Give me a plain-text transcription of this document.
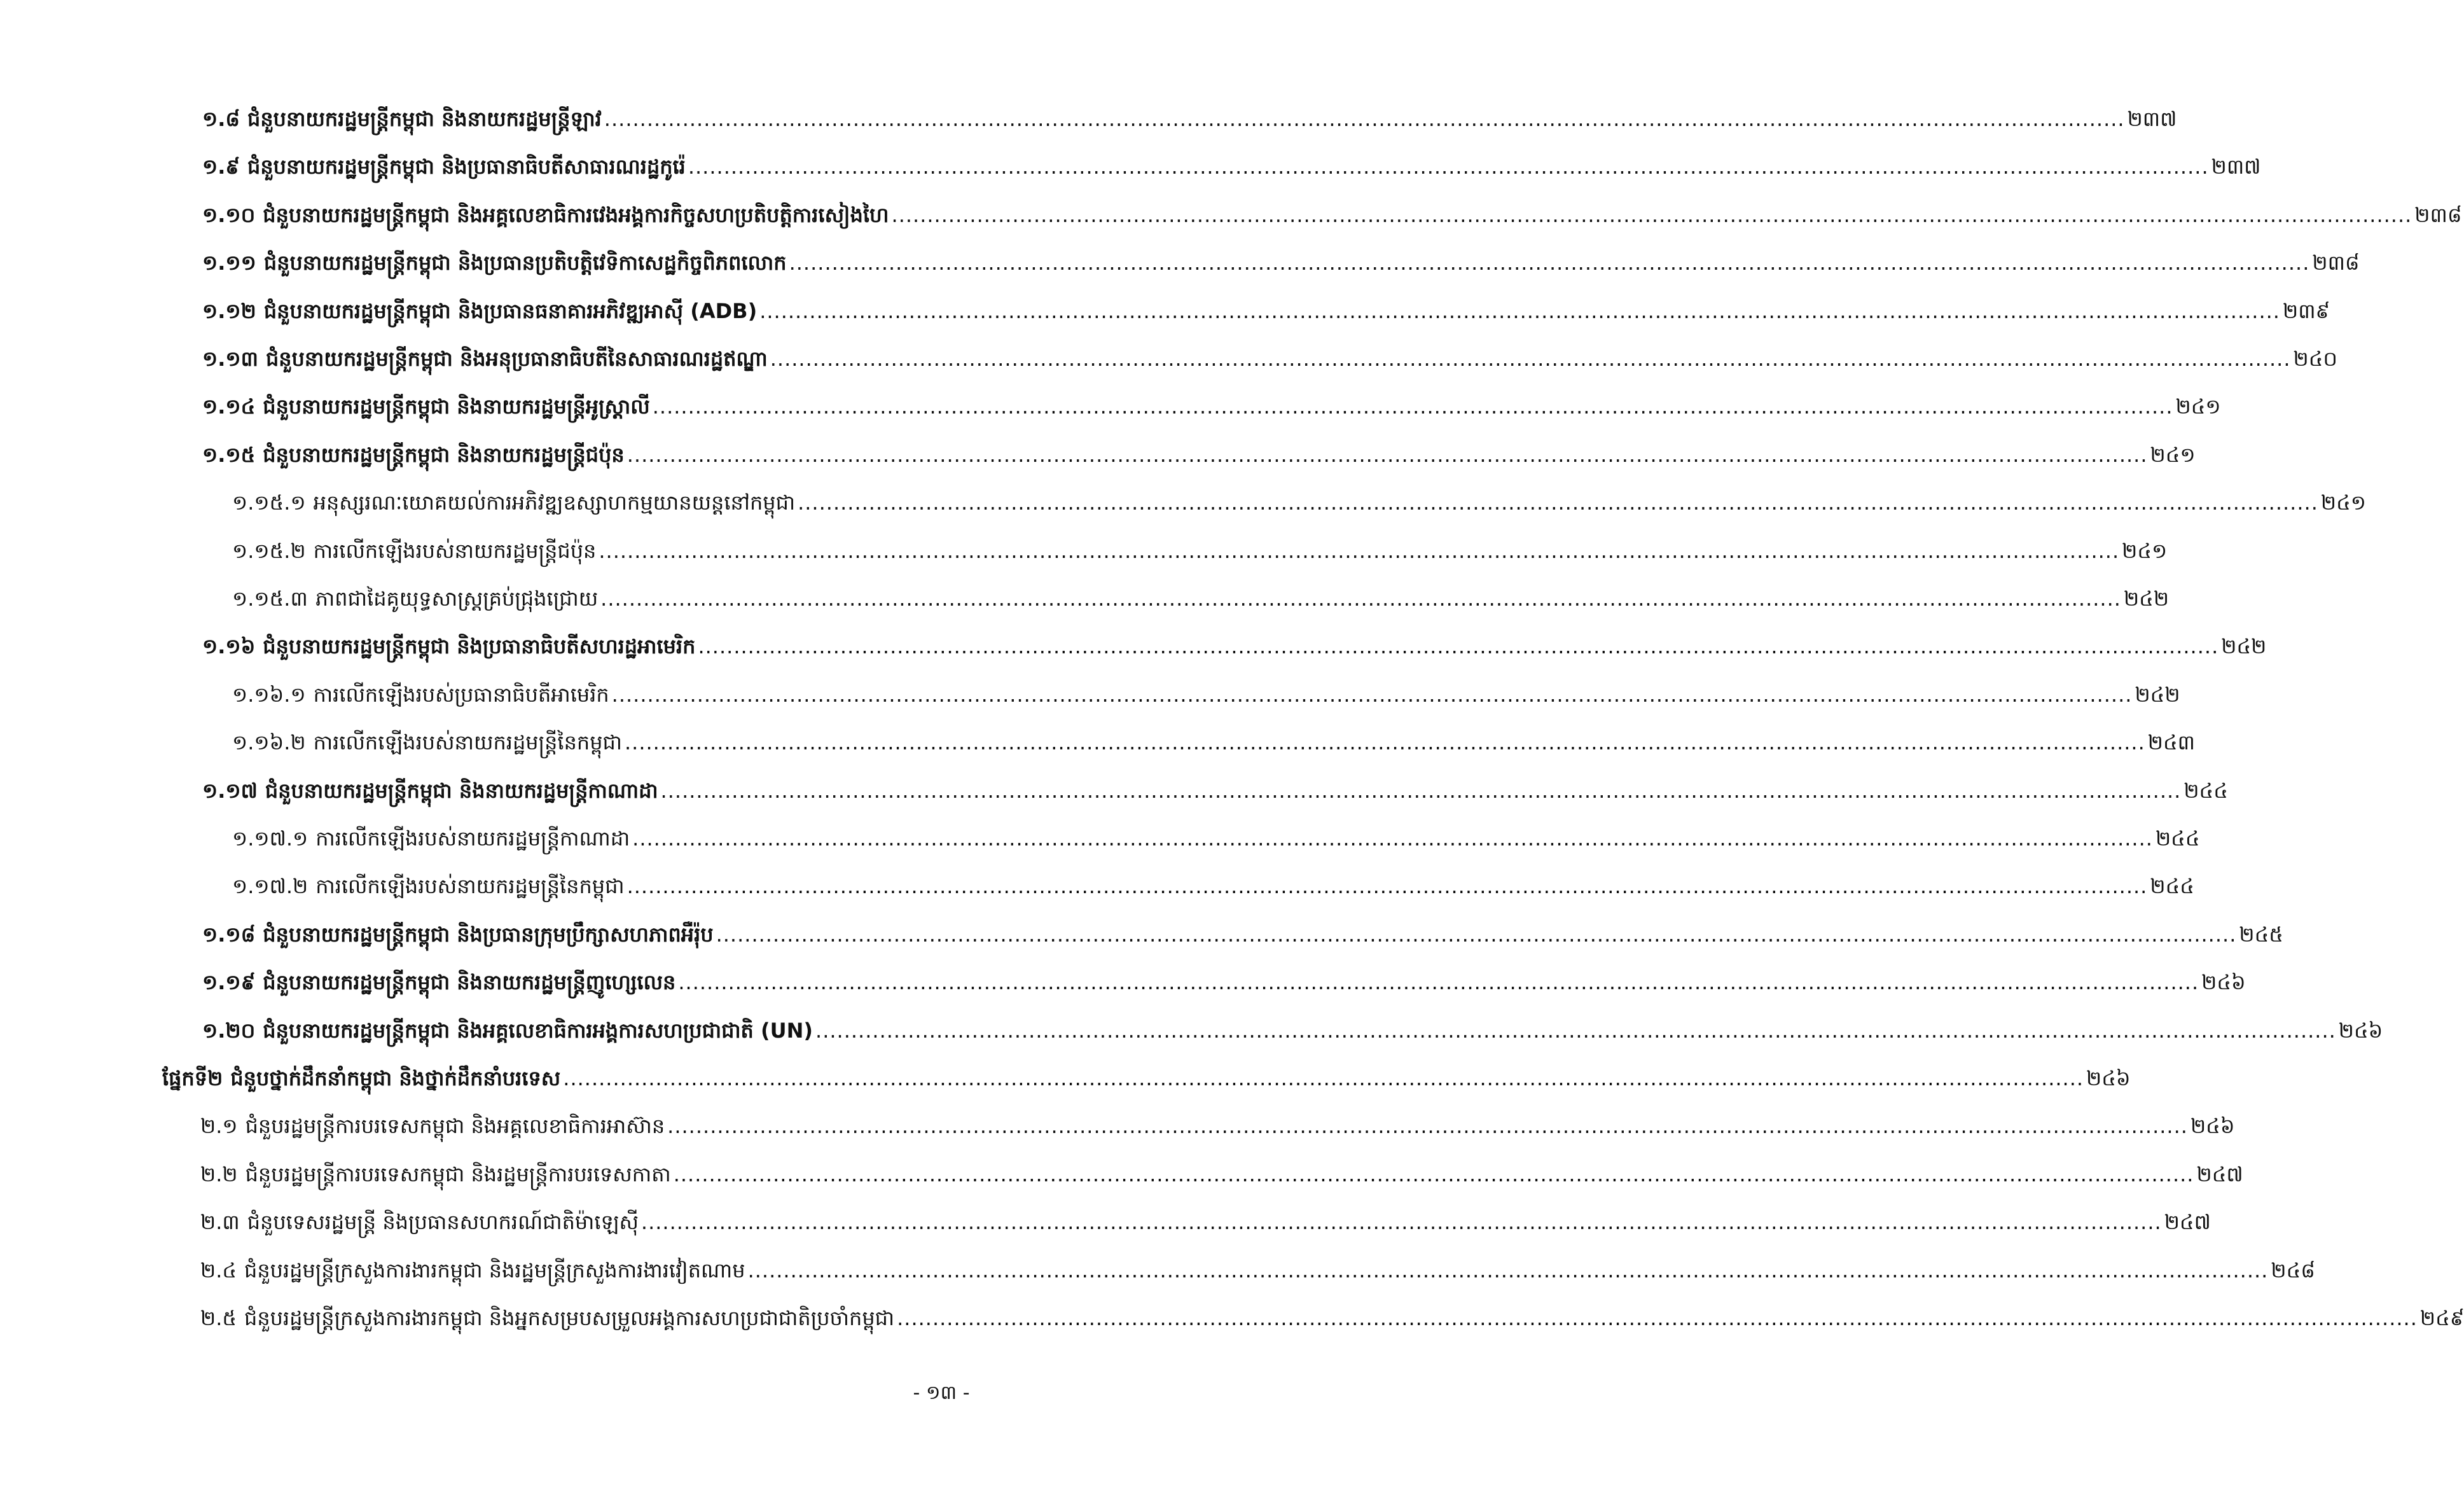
១.៨ ជំនួបនាយករដ្ឋមន្ត្រីកម្ពុជា និងនាយករដ្ឋមន្ត្រីឡាវ .....	២៣៧
១.៩ ជំនួបនាយករដ្ឋមន្ត្រីកម្ពុជា និងប្រធានាធិបតីសាធារណរដ្ឋកូរ៉េ .....	២៣៧
១.១០ ជំនួបនាយករដ្ឋមន្ត្រីកម្ពុជា និងអគ្គលេខាធិការវេងអង្គការកិច្ចសហប្រតិបត្តិការសៀងហៃ .....	២៣៨
១.១១ ជំនួបនាយករដ្ឋមន្ត្រីកម្ពុជា និងប្រធានប្រតិបត្តិវេទិកាសេដ្ឋកិច្ចពិភពលោក .....	២៣៨
១.១២ ជំនួបនាយករដ្ឋមន្ត្រីកម្ពុជា និងប្រធានធនាគារអភិវឌ្ឍអាស៊ី (ADB) .....	២៣៩
១.១៣ ជំនួបនាយករដ្ឋមន្ត្រីកម្ពុជា និងអនុប្រធានាធិបតីនៃសាធារណរដ្ឋឥណ្ឌា .....	២៤០
១.១៤ ជំនួបនាយករដ្ឋមន្ត្រីកម្ពុជា និងនាយករដ្ឋមន្ត្រីអូស្ត្រាលី .....	២៤១
១.១៥ ជំនួបនាយករដ្ឋមន្ត្រីកម្ពុជា និងនាយករដ្ឋមន្ត្រីជប៉ុន .....	២៤១
១.១៥.១ អនុស្សរណៈយោគយល់ការអភិវឌ្ឍឧស្សាហកម្មយានយន្តនៅកម្ពុជា .....	២៤១
១.១៥.២ ការលើកឡើងរបស់នាយករដ្ឋមន្ត្រីជប៉ុន .....	២៤១
១.១៥.៣ ភាពជាដៃគូយុទ្ធសាស្ត្រគ្រប់ជ្រុងជ្រោយ .....	២៤២
១.១៦ ជំនួបនាយករដ្ឋមន្ត្រីកម្ពុជា និងប្រធានាធិបតីសហរដ្ឋអាមេរិក .....	២៤២
១.១៦.១ ការលើកឡើងរបស់ប្រធានាធិបតីអាមេរិក .....	២៤២
១.១៦.២ ការលើកឡើងរបស់នាយករដ្ឋមន្ត្រីនៃកម្ពុជា .....	២៤៣
១.១៧ ជំនួបនាយករដ្ឋមន្ត្រីកម្ពុជា និងនាយករដ្ឋមន្ត្រីកាណាដា .....	២៤៤
១.១៧.១ ការលើកឡើងរបស់នាយករដ្ឋមន្ត្រីកាណាដា .....	២៤៤
១.១៧.២ ការលើកឡើងរបស់នាយករដ្ឋមន្ត្រីនៃកម្ពុជា .....	២៤៤
១.១៨ ជំនួបនាយករដ្ឋមន្ត្រីកម្ពុជា និងប្រធានក្រុមប្រឹក្សាសហភាពអឺរ៉ុប .....	២៤៥
១.១៩ ជំនួបនាយករដ្ឋមន្ត្រីកម្ពុជា និងនាយករដ្ឋមន្ត្រីញូហ្សេលេន .....	២៤៦
១.២០ ជំនួបនាយករដ្ឋមន្ត្រីកម្ពុជា និងអគ្គលេខាធិការអង្គការសហប្រជាជាតិ (UN) .....	២៤៦
ផ្នែកទី២ ជំនួបថ្នាក់ដឹកនាំកម្ពុជា និងថ្នាក់ដឹកនាំបរទេស .....	២៤៦
២.១ ជំនួបរដ្ឋមន្ត្រីការបរទេសកម្ពុជា និងអគ្គលេខាធិការអាស៊ាន .....	២៤៦
២.២ ជំនួបរដ្ឋមន្ត្រីការបរទេសកម្ពុជា និងរដ្ឋមន្ត្រីការបរទេសកាតា .....	២៤៧
២.៣ ជំនួបទេសរដ្ឋមន្ត្រី និងប្រធានសហករណ៍ជាតិម៉ាឡេស៊ី .....	២៤៧
២.៤ ជំនួបរដ្ឋមន្ត្រីក្រសួងការងារកម្ពុជា និងរដ្ឋមន្ត្រីក្រសួងការងារវៀតណាម .....	២៤៨
២.៥ ជំនួបរដ្ឋមន្ត្រីក្រសួងការងារកម្ពុជា និងអ្នកសម្របសម្រួលអង្គការសហប្រជាជាតិប្រចាំកម្ពុជា .....	២៤៩
- ១៣ -
